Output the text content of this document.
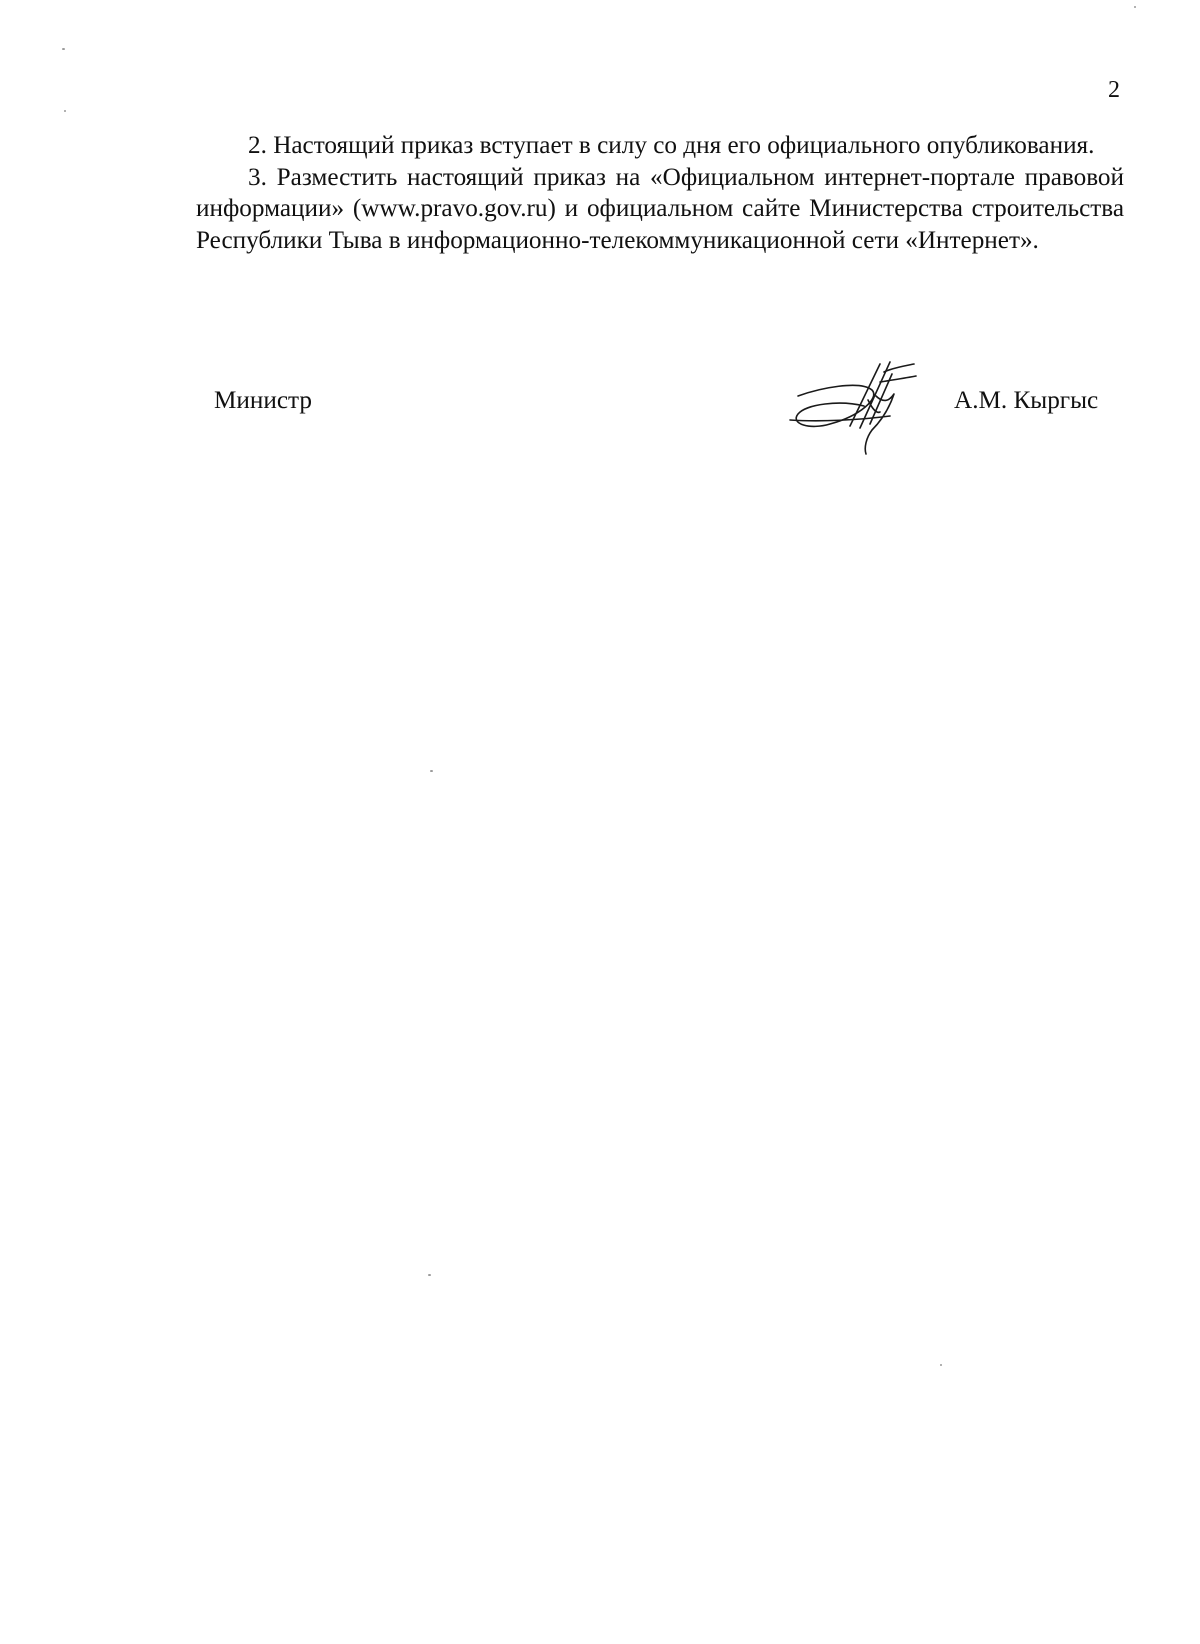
2

2. Настоящий приказ вступает в силу со дня его официального опубликования.

3. Разместить настоящий приказ на «Официальном интернет-портале правовой информации» (www.pravo.gov.ru) и официальном сайте Министерства строительства Республики Тыва в информационно-телекоммуникационной сети «Интернет».

Министр	А.М. Кыргыс
